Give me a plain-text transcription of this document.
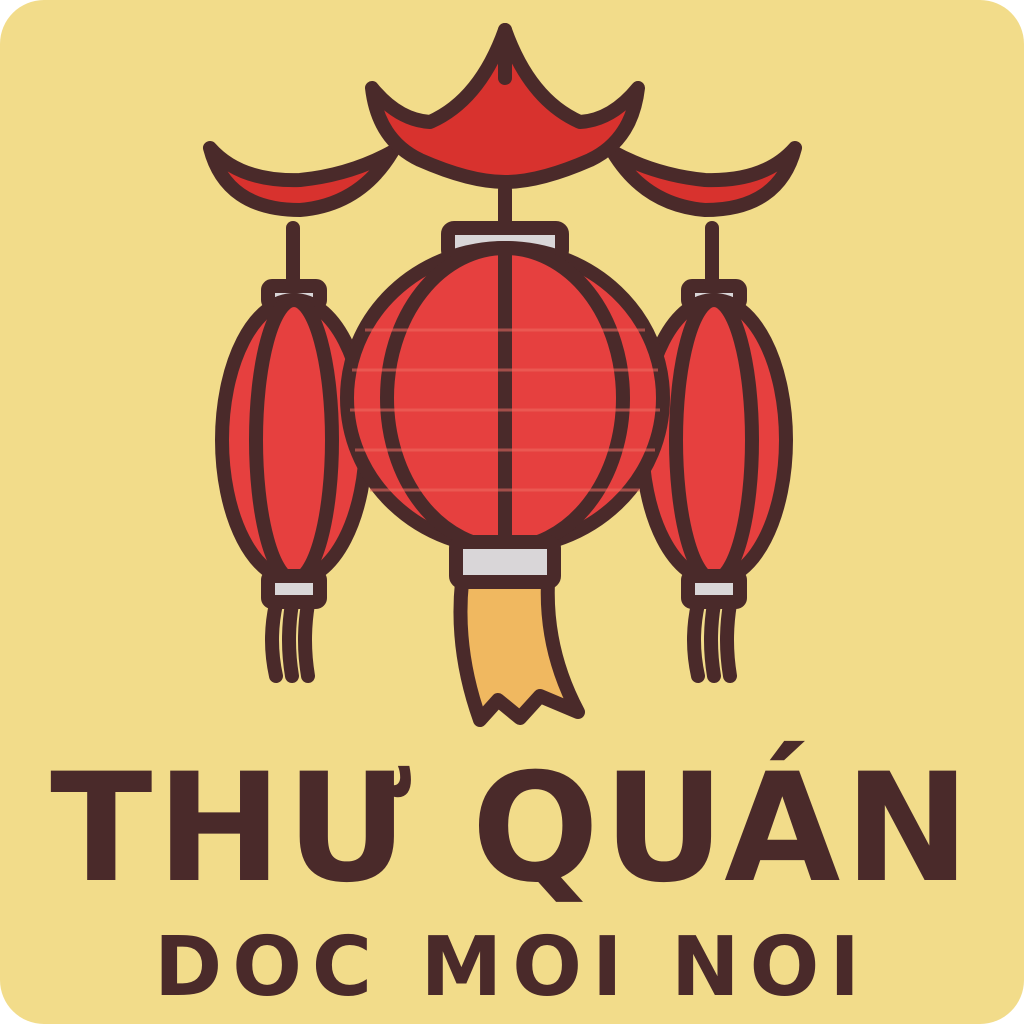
THƯ QUÁN
DOC MOI NOI
